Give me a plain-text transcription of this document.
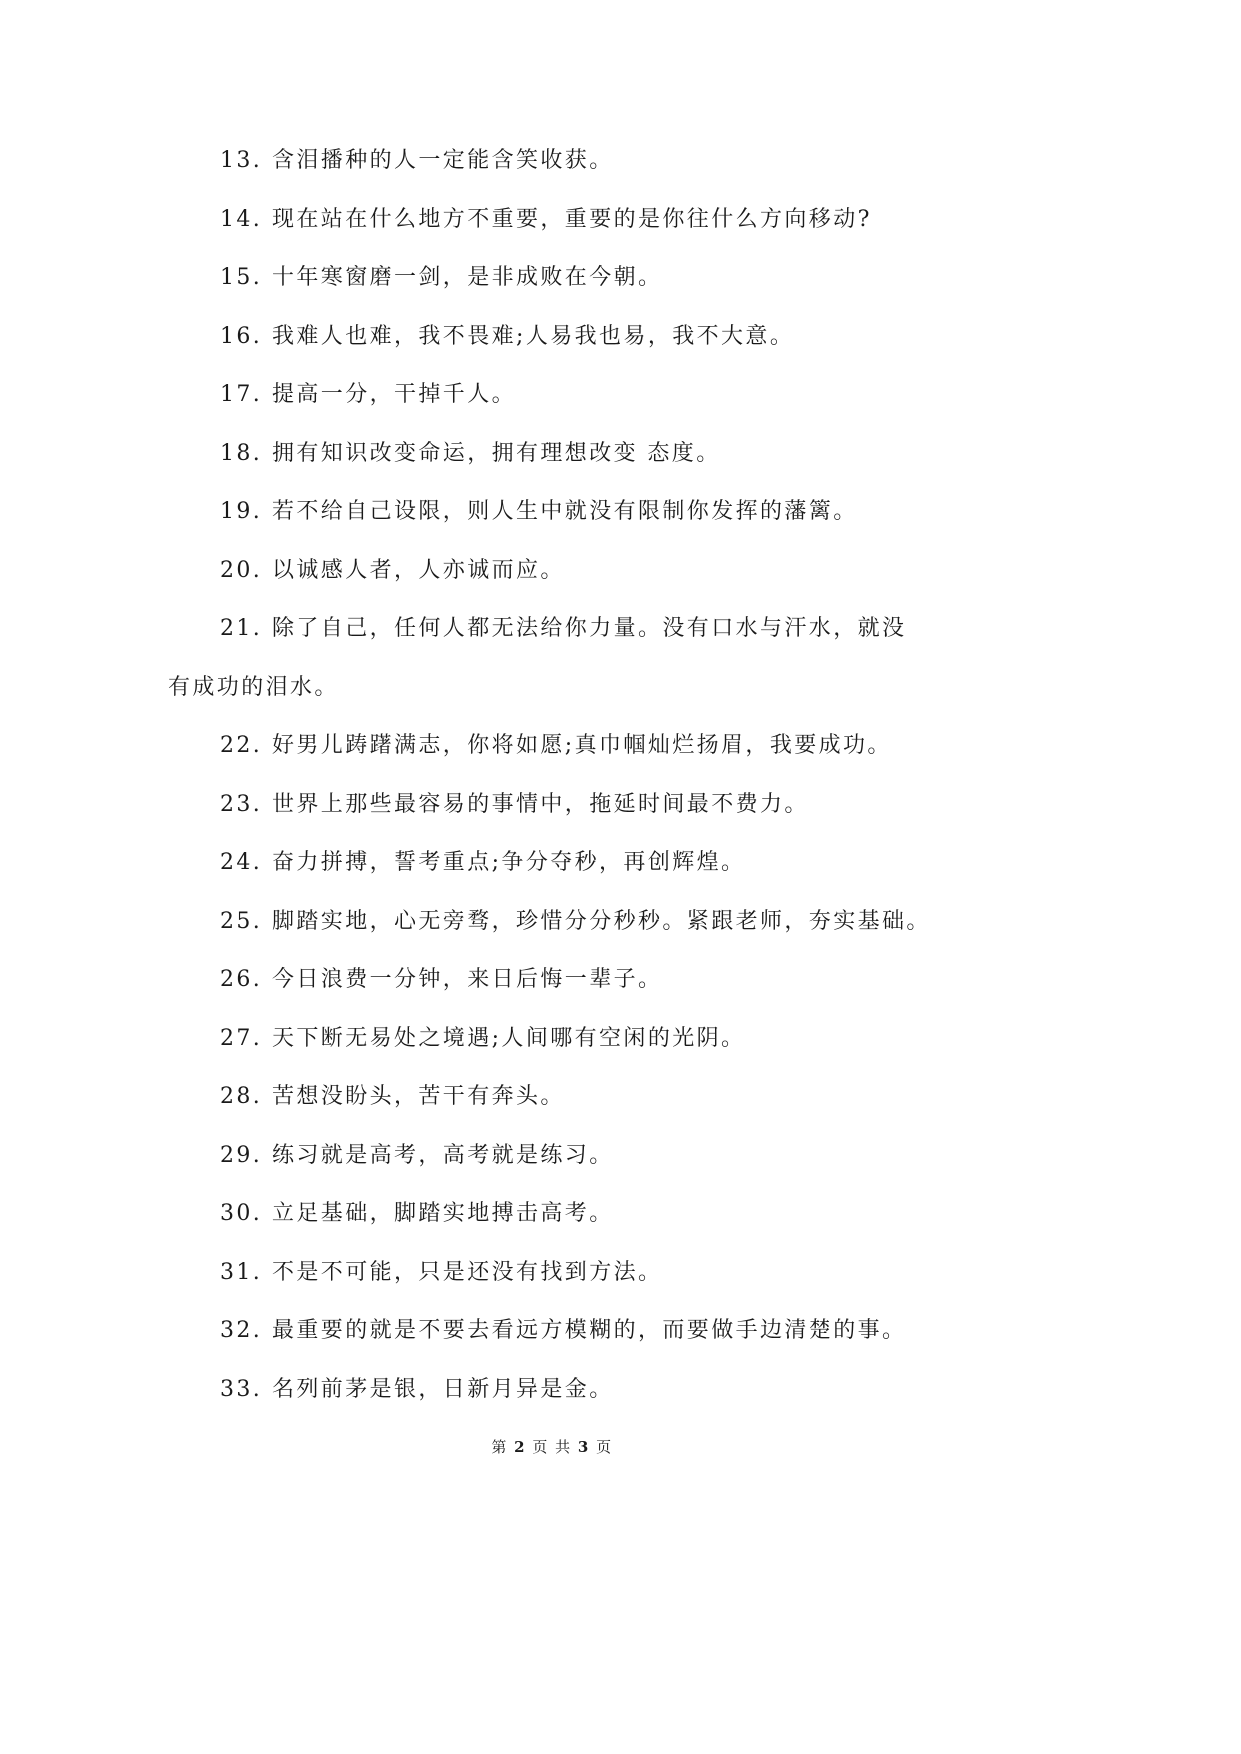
13. 含泪播种的人一定能含笑收获。
14. 现在站在什么地方不重要，重要的是你往什么方向移动?
15. 十年寒窗磨一剑，是非成败在今朝。
16. 我难人也难，我不畏难;人易我也易，我不大意。
17. 提高一分，干掉千人。
18. 拥有知识改变命运，拥有理想改变 态度。
19. 若不给自己设限，则人生中就没有限制你发挥的藩篱。
20. 以诚感人者，人亦诚而应。
21. 除了自己，任何人都无法给你力量。没有口水与汗水，就没
有成功的泪水。
22. 好男儿踌躇满志，你将如愿;真巾帼灿烂扬眉，我要成功。
23. 世界上那些最容易的事情中，拖延时间最不费力。
24. 奋力拼搏，誓考重点;争分夺秒，再创辉煌。
25. 脚踏实地，心无旁骛，珍惜分分秒秒。紧跟老师，夯实基础。
26. 今日浪费一分钟，来日后悔一辈子。
27. 天下断无易处之境遇;人间哪有空闲的光阴。
28. 苦想没盼头，苦干有奔头。
29. 练习就是高考，高考就是练习。
30. 立足基础，脚踏实地搏击高考。
31. 不是不可能，只是还没有找到方法。
32. 最重要的就是不要去看远方模糊的，而要做手边清楚的事。
33. 名列前茅是银，日新月异是金。
第 2 页 共 3 页
